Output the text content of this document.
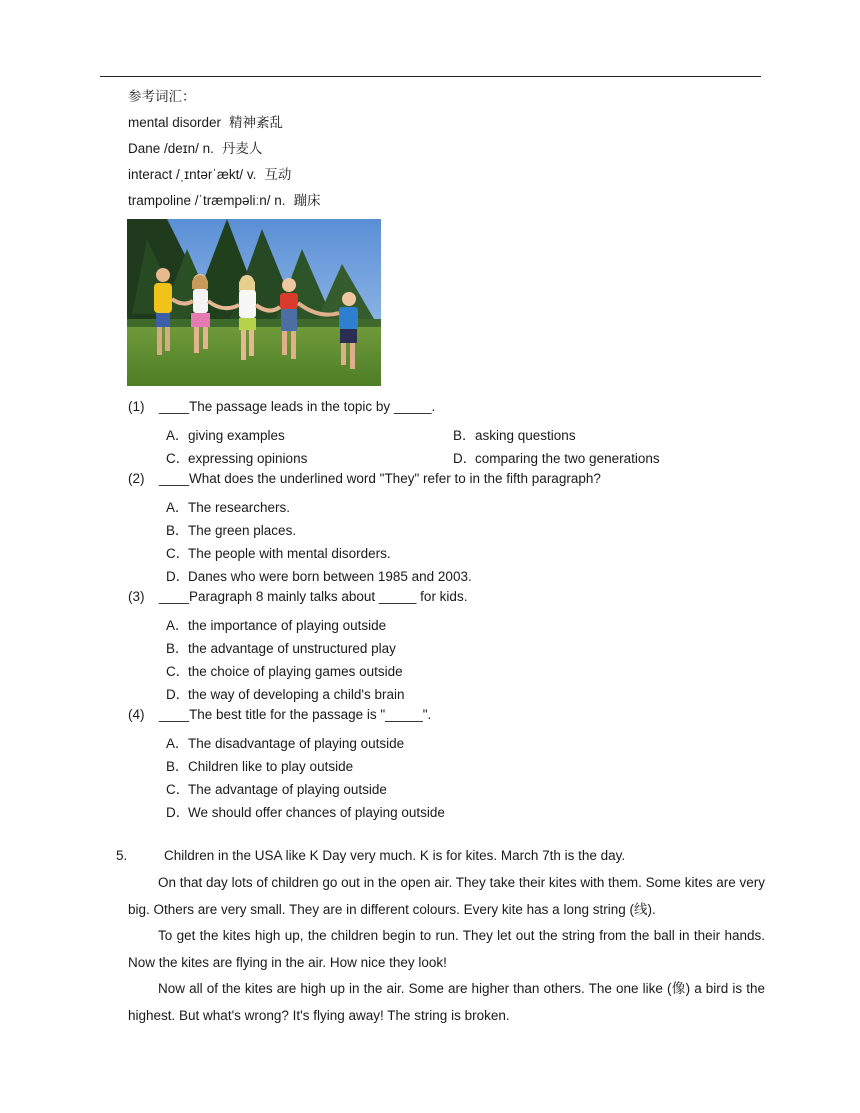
参考词汇：
mental disorder 精神紊乱
Dane /deɪn/ n. 丹麦人
interact /ˌɪntərˈækt/ v. 互动
trampoline /ˈtræmpəliːn/ n. 蹦床
(1) ____The passage leads in the topic by _____.
A．giving examples	B．asking questions
C．expressing opinions	D．comparing the two generations
(2) ____What does the underlined word "They" refer to in the fifth paragraph?
A．The researchers.
B．The green places.
C．The people with mental disorders.
D．Danes who were born between 1985 and 2003.
(3) ____Paragraph 8 mainly talks about _____ for kids.
A．the importance of playing outside
B．the advantage of unstructured play
C．the choice of playing games outside
D．the way of developing a child's brain
(4) ____The best title for the passage is "_____".
A．The disadvantage of playing outside
B．Children like to play outside
C．The advantage of playing outside
D．We should offer chances of playing outside
5.	Children in the USA like K Day very much. K is for kites. March 7th is the day.
On that day lots of children go out in the open air. They take their kites with them. Some kites are very big. Others are very small. They are in different colours. Every kite has a long string (线).
To get the kites high up, the children begin to run. They let out the string from the ball in their hands. Now the kites are flying in the air. How nice they look!
Now all of the kites are high up in the air. Some are higher than others. The one like (像) a bird is the highest. But what's wrong? It's flying away! The string is broken.
